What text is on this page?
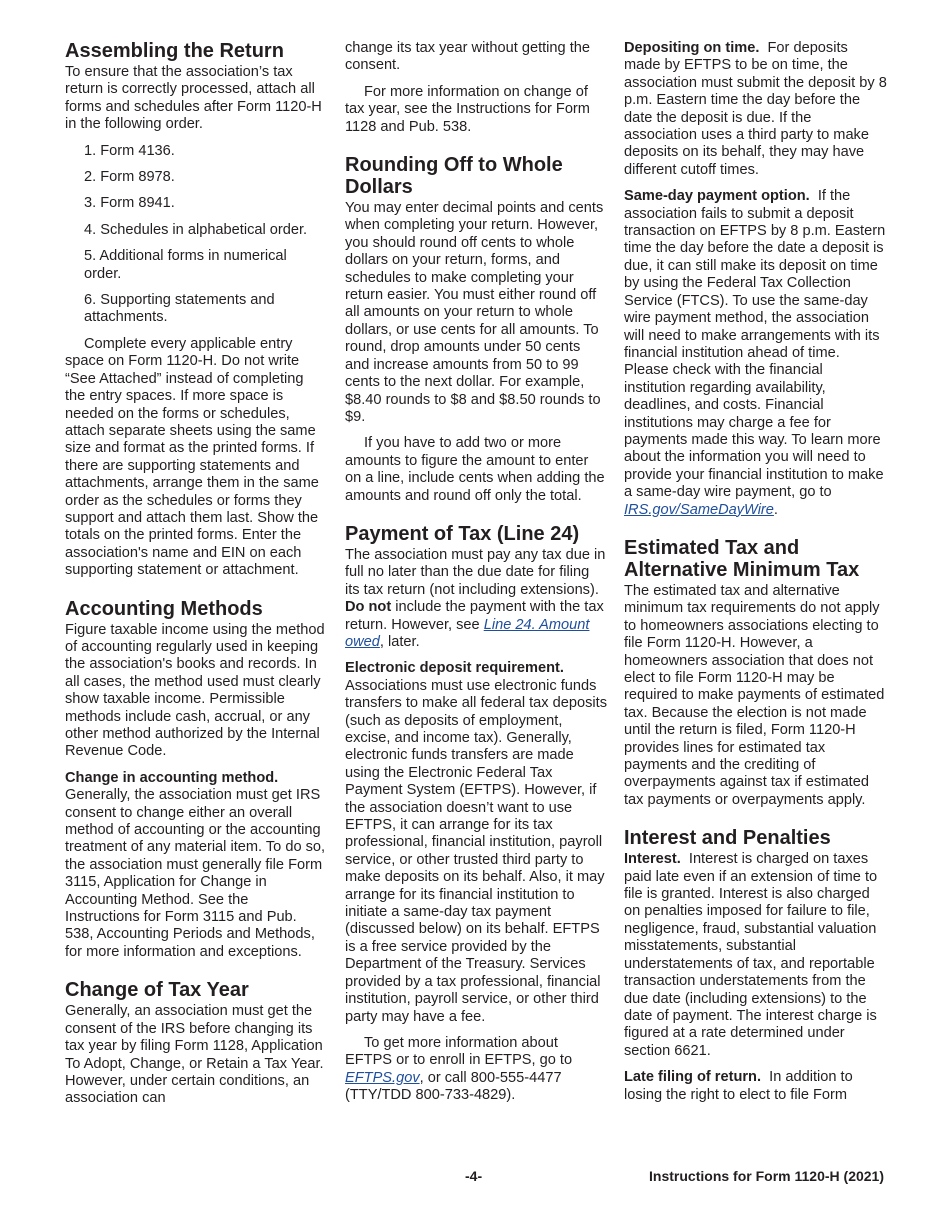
Assembling the Return

To ensure that the association’s tax return is correctly processed, attach all forms and schedules after Form 1120-H in the following order.

1. Form 4136.
2. Form 8978.
3. Form 8941.
4. Schedules in alphabetical order.
5. Additional forms in numerical order.
6. Supporting statements and attachments.

Complete every applicable entry space on Form 1120-H. Do not write “See Attached” instead of completing the entry spaces. If more space is needed on the forms or schedules, attach separate sheets using the same size and format as the printed forms. If there are supporting statements and attachments, arrange them in the same order as the schedules or forms they support and attach them last. Show the totals on the printed forms. Enter the association's name and EIN on each supporting statement or attachment.

Accounting Methods

Figure taxable income using the method of accounting regularly used in keeping the association's books and records. In all cases, the method used must clearly show taxable income. Permissible methods include cash, accrual, or any other method authorized by the Internal Revenue Code.

Change in accounting method. Generally, the association must get IRS consent to change either an overall method of accounting or the accounting treatment of any material item. To do so, the association must generally file Form 3115, Application for Change in Accounting Method. See the Instructions for Form 3115 and Pub. 538, Accounting Periods and Methods, for more information and exceptions.

Change of Tax Year

Generally, an association must get the consent of the IRS before changing its tax year by filing Form 1128, Application To Adopt, Change, or Retain a Tax Year. However, under certain conditions, an association can

change its tax year without getting the consent.

For more information on change of tax year, see the Instructions for Form 1128 and Pub. 538.

Rounding Off to Whole Dollars

You may enter decimal points and cents when completing your return. However, you should round off cents to whole dollars on your return, forms, and schedules to make completing your return easier. You must either round off all amounts on your return to whole dollars, or use cents for all amounts. To round, drop amounts under 50 cents and increase amounts from 50 to 99 cents to the next dollar. For example, $8.40 rounds to $8 and $8.50 rounds to $9.

If you have to add two or more amounts to figure the amount to enter on a line, include cents when adding the amounts and round off only the total.

Payment of Tax (Line 24)

The association must pay any tax due in full no later than the due date for filing its tax return (not including extensions). Do not include the payment with the tax return. However, see Line 24. Amount owed, later.

Electronic deposit requirement.
Associations must use electronic funds transfers to make all federal tax deposits (such as deposits of employment, excise, and income tax). Generally, electronic funds transfers are made using the Electronic Federal Tax Payment System (EFTPS). However, if the association doesn’t want to use EFTPS, it can arrange for its tax professional, financial institution, payroll service, or other trusted third party to make deposits on its behalf. Also, it may arrange for its financial institution to initiate a same-day tax payment (discussed below) on its behalf. EFTPS is a free service provided by the Department of the Treasury. Services provided by a tax professional, financial institution, payroll service, or other third party may have a fee.

To get more information about EFTPS or to enroll in EFTPS, go to EFTPS.gov, or call 800-555-4477 (TTY/TDD 800-733-4829).

Depositing on time. For deposits made by EFTPS to be on time, the association must submit the deposit by 8 p.m. Eastern time the day before the date the deposit is due. If the association uses a third party to make deposits on its behalf, they may have different cutoff times.

Same-day payment option. If the association fails to submit a deposit transaction on EFTPS by 8 p.m. Eastern time the day before the date a deposit is due, it can still make its deposit on time by using the Federal Tax Collection Service (FTCS). To use the same-day wire payment method, the association will need to make arrangements with its financial institution ahead of time. Please check with the financial institution regarding availability, deadlines, and costs. Financial institutions may charge a fee for payments made this way. To learn more about the information you will need to provide your financial institution to make a same-day wire payment, go to IRS.gov/SameDayWire.

Estimated Tax and Alternative Minimum Tax

The estimated tax and alternative minimum tax requirements do not apply to homeowners associations electing to file Form 1120-H. However, a homeowners association that does not elect to file Form 1120-H may be required to make payments of estimated tax. Because the election is not made until the return is filed, Form 1120-H provides lines for estimated tax payments and the crediting of overpayments against tax if estimated tax payments or overpayments apply.

Interest and Penalties

Interest. Interest is charged on taxes paid late even if an extension of time to file is granted. Interest is also charged on penalties imposed for failure to file, negligence, fraud, substantial valuation misstatements, substantial understatements of tax, and reportable transaction understatements from the due date (including extensions) to the date of payment. The interest charge is figured at a rate determined under section 6621.

Late filing of return. In addition to losing the right to elect to file Form

-4-	Instructions for Form 1120-H (2021)
